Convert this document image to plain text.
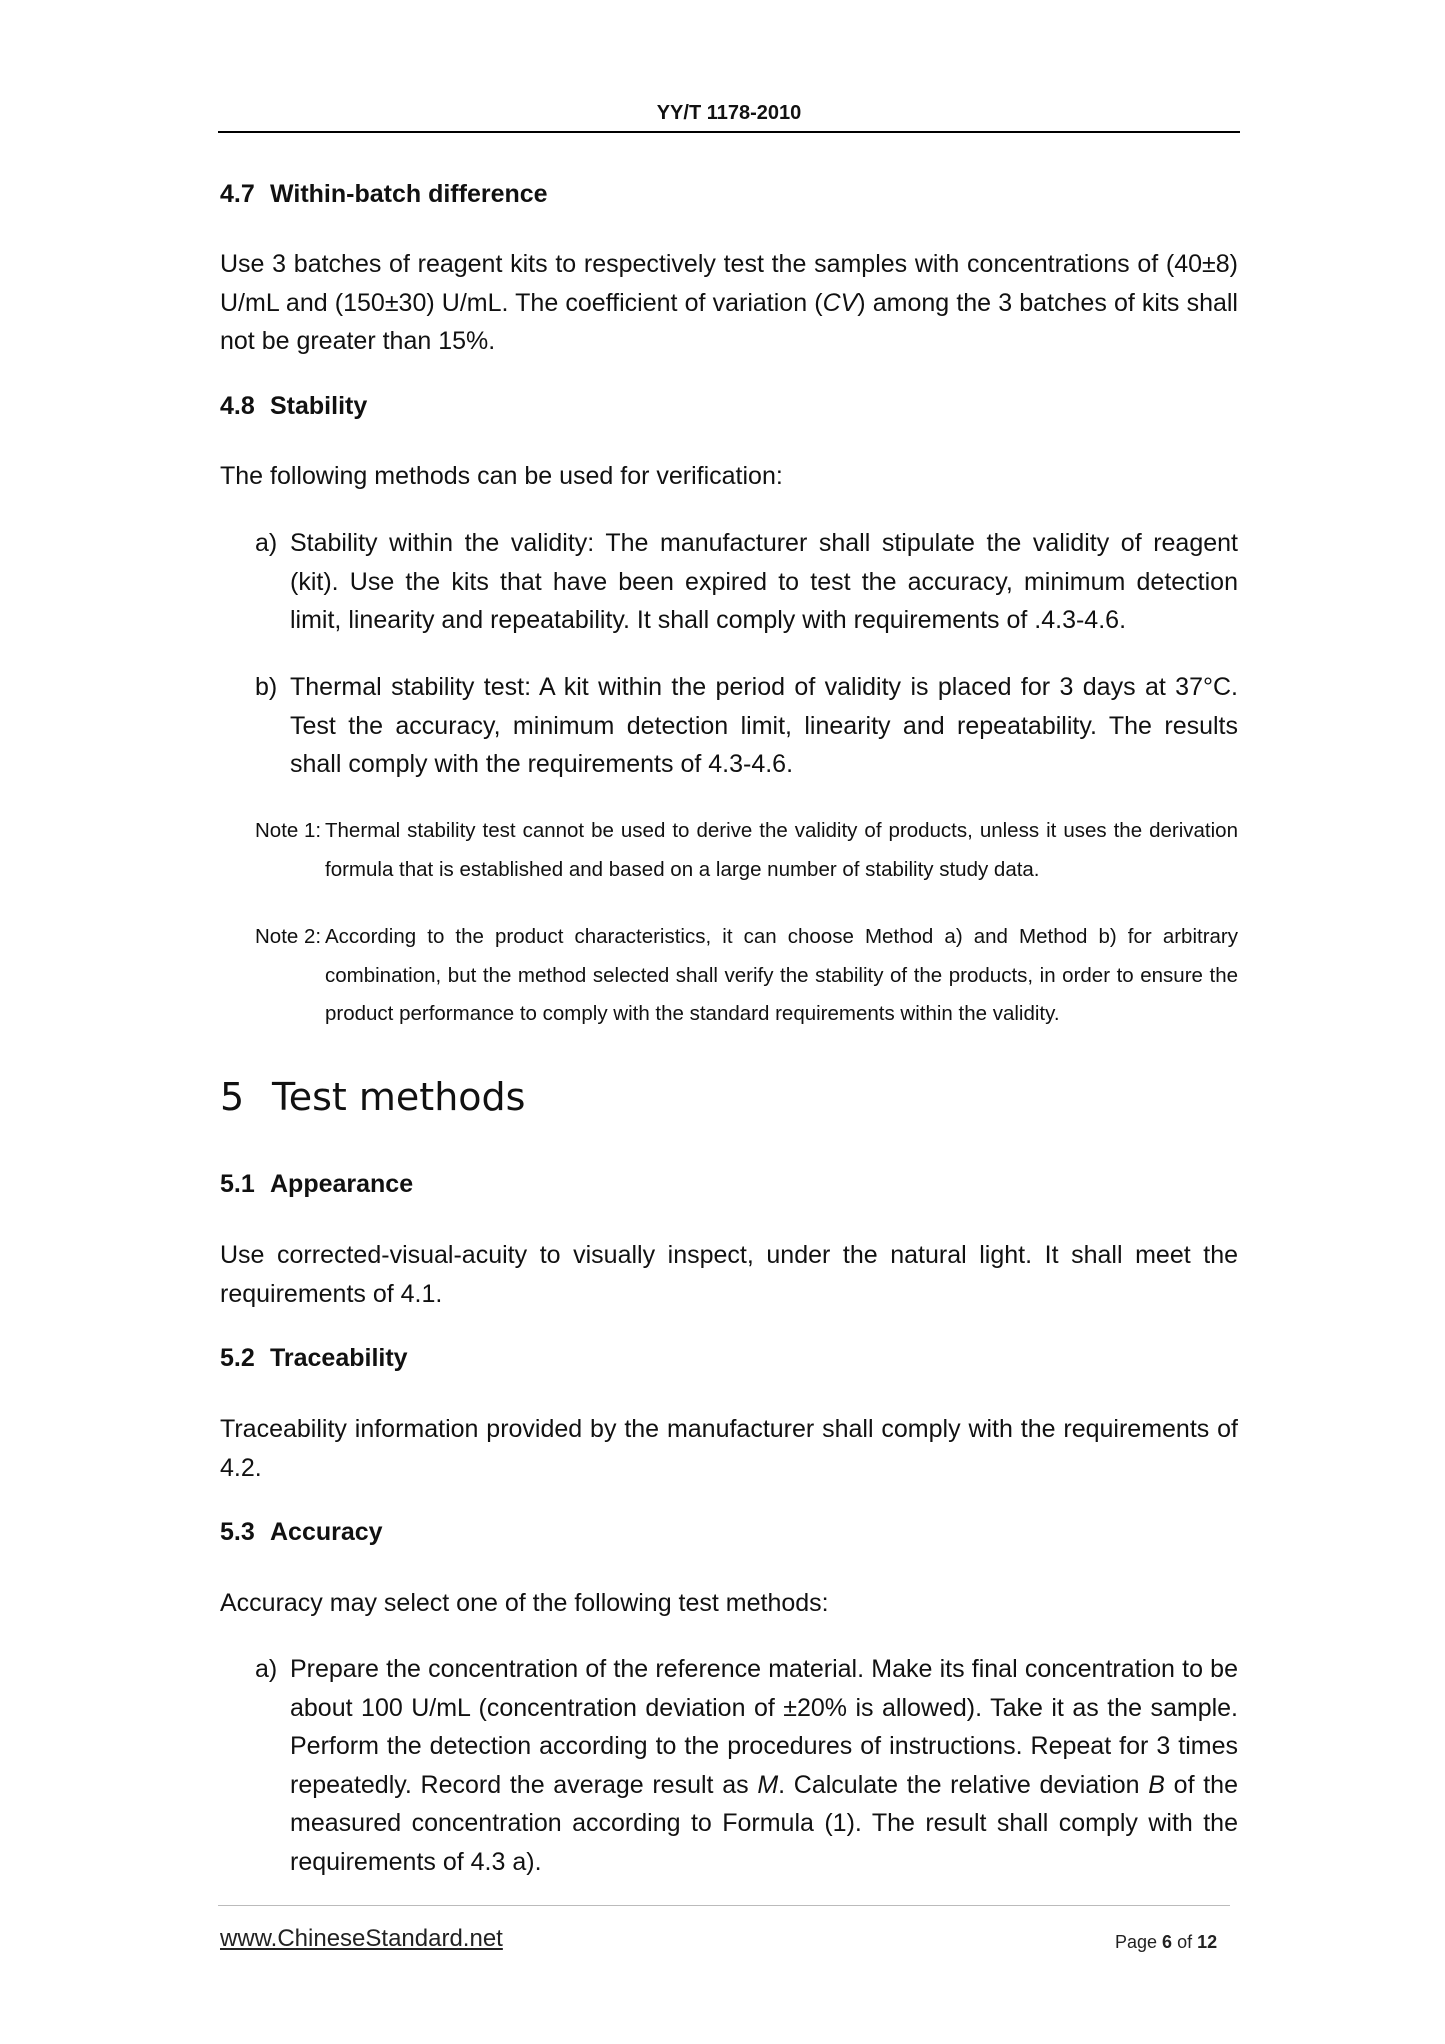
YY/T 1178-2010
4.7 Within-batch difference

Use 3 batches of reagent kits to respectively test the samples with concentrations of (40±8) U/mL and (150±30) U/mL. The coefficient of variation (CV) among the 3 batches of kits shall not be greater than 15%.

4.8 Stability

The following methods can be used for verification:

a) Stability within the validity: The manufacturer shall stipulate the validity of reagent (kit). Use the kits that have been expired to test the accuracy, minimum detection limit, linearity and repeatability. It shall comply with requirements of .4.3-4.6.
b) Thermal stability test: A kit within the period of validity is placed for 3 days at 37°C. Test the accuracy, minimum detection limit, linearity and repeatability. The results shall comply with the requirements of 4.3-4.6.
Note 1: Thermal stability test cannot be used to derive the validity of products, unless it uses the derivation formula that is established and based on a large number of stability study data.
Note 2: According to the product characteristics, it can choose Method a) and Method b) for arbitrary combination, but the method selected shall verify the stability of the products, in order to ensure the product performance to comply with the standard requirements within the validity.
5 Test methods
5.1 Appearance

Use corrected-visual-acuity to visually inspect, under the natural light. It shall meet the requirements of 4.1.

5.2 Traceability

Traceability information provided by the manufacturer shall comply with the requirements of 4.2.

5.3 Accuracy

Accuracy may select one of the following test methods:

a) Prepare the concentration of the reference material. Make its final concentration to be about 100 U/mL (concentration deviation of ±20% is allowed). Take it as the sample. Perform the detection according to the procedures of instructions. Repeat for 3 times repeatedly. Record the average result as M. Calculate the relative deviation B of the measured concentration according to Formula (1). The result shall comply with the requirements of 4.3 a).
www.ChineseStandard.net	Page 6 of 12
